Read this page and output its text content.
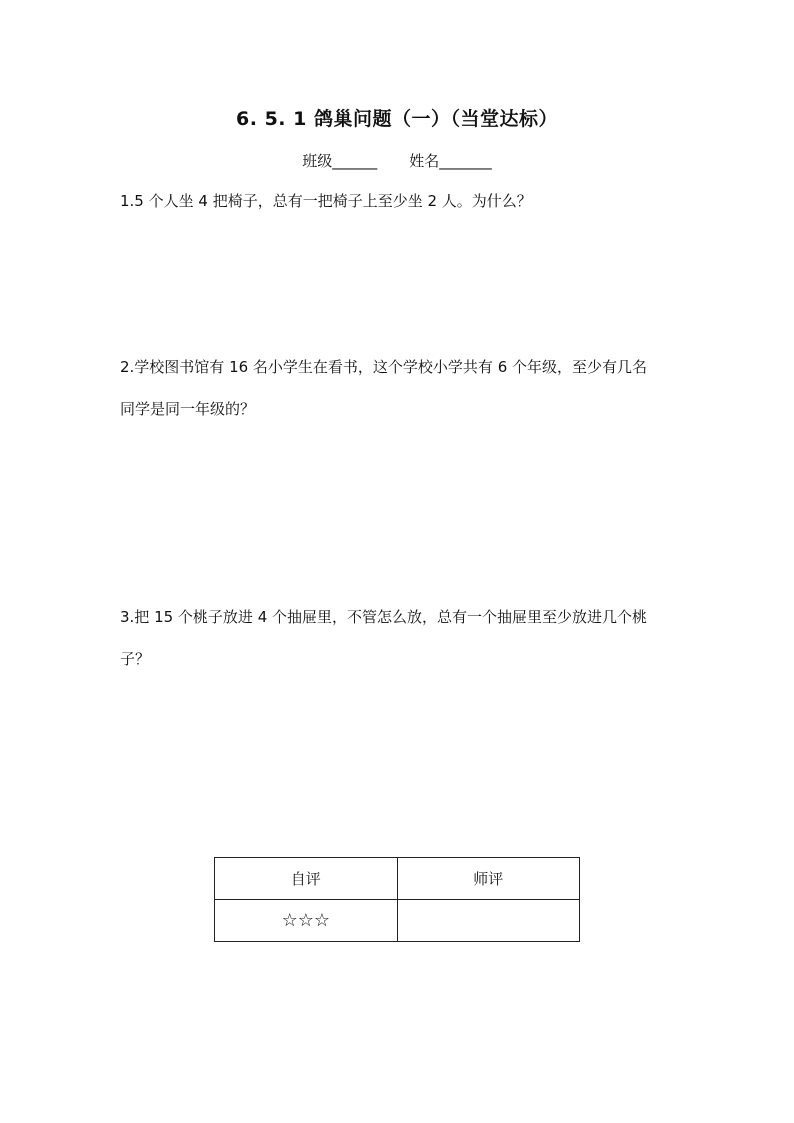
6. 5. 1 鸽巢问题（一）（当堂达标）
班级______ 姓名_______
1.5 个人坐 4 把椅子，总有一把椅子上至少坐 2 人。为什么？
2.学校图书馆有 16 名小学生在看书，这个学校小学共有 6 个年级，至少有几名
同学是同一年级的？
3.把 15 个桃子放进 4 个抽屉里，不管怎么放，总有一个抽屉里至少放进几个桃
子？
自评	师评
☆☆☆	
